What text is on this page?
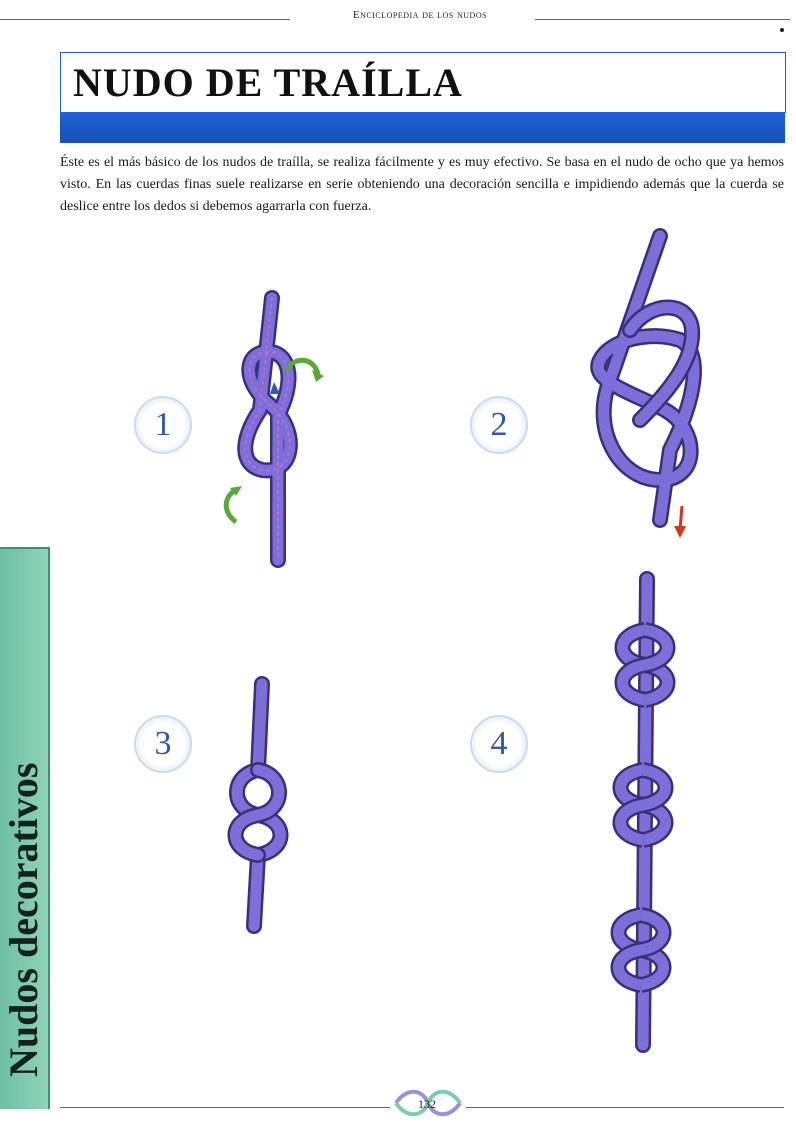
Enciclopedia de los nudos
NUDO DE TRAÍLLA
Éste es el más básico de los nudos de traílla, se realiza fácilmente y es muy efectivo. Se basa en el nudo de ocho que ya hemos visto. En las cuerdas finas suele realizarse en serie obteniendo una decoración sencilla e impidiendo además que la cuerda se deslice entre los dedos si debemos agarrarla con fuerza.
1	2
3	4
Nudos decorativos
132
